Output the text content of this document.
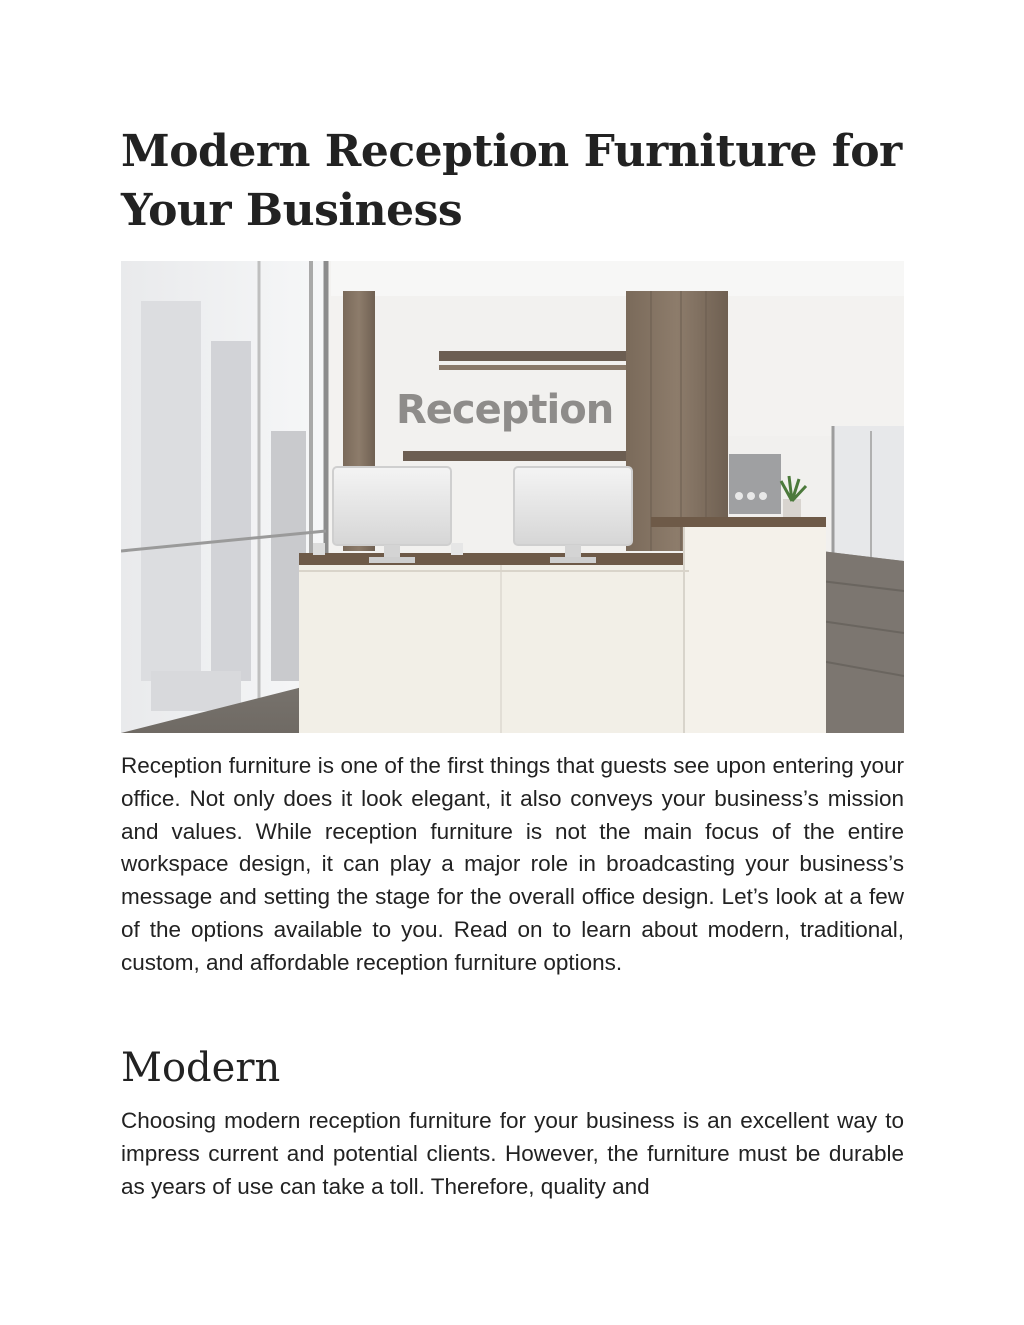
Modern Reception Furniture for Your Business
Reception

Reception furniture is one of the first things that guests see upon entering your office. Not only does it look elegant, it also conveys your business’s mission and values. While reception furniture is not the main focus of the entire workspace design, it can play a major role in broadcasting your business’s message and setting the stage for the overall office design. Let’s look at a few of the options available to you. Read on to learn about modern, traditional, custom, and affordable reception furniture options.

Modern

Choosing modern reception furniture for your business is an excellent way to impress current and potential clients. However, the furniture must be durable as years of use can take a toll. Therefore, quality and
